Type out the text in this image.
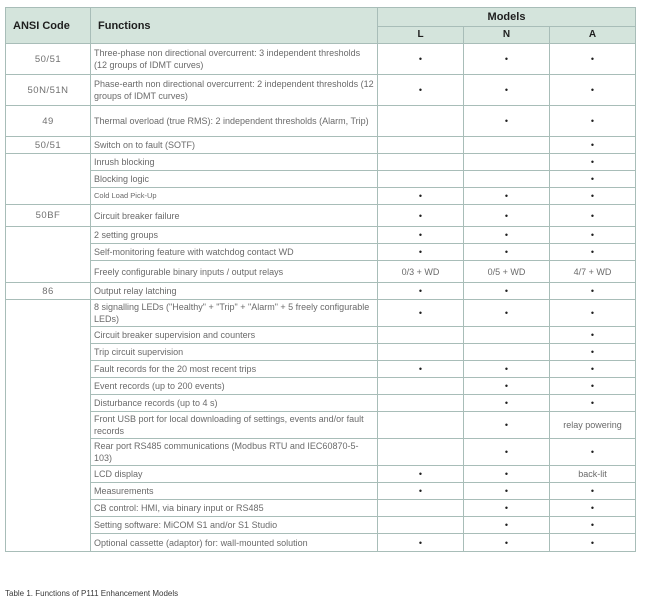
ANSI Code	Functions	Models		
		L	N	A
50/51	Three-phase non directional overcurrent: 3 independent thresholds (12 groups of IDMT curves)	•	•	•
50N/51N	Phase-earth non directional overcurrent: 2 independent thresholds (12 groups of IDMT curves)	•	•	•
49	Thermal overload (true RMS): 2 independent thresholds (Alarm, Trip)		•	•
50/51	Switch on to fault (SOTF)			•
	Inrush blocking			•
	Blocking logic			•
	Cold Load Pick-Up	•	•	•
50BF	Circuit breaker failure	•	•	•
	2 setting groups	•	•	•
	Self-monitoring feature with watchdog contact WD	•	•	•
	Freely configurable binary inputs / output relays	0/3 + WD	0/5 + WD	4/7 + WD
86	Output relay latching	•	•	•
	8 signalling LEDs ("Healthy" + "Trip" + "Alarm" + 5 freely configurable LEDs)	•	•	•
	Circuit breaker supervision and counters			•
	Trip circuit supervision			•
	Fault records for the 20 most recent trips	•	•	•
	Event records (up to 200 events)		•	•
	Disturbance records (up to 4 s)		•	•
	Front USB port for local downloading of settings, events and/or fault records		•	relay powering
	Rear port RS485 communications (Modbus RTU and IEC60870-5-103)		•	•
	LCD display	•	•	back-lit
	Measurements	•	•	•
	CB control: HMI, via binary input or RS485		•	•
	Setting software: MiCOM S1 and/or S1 Studio		•	•
	Optional cassette (adaptor) for: wall-mounted solution	•	•	•
Table 1. Functions of P111 Enhancement Models
